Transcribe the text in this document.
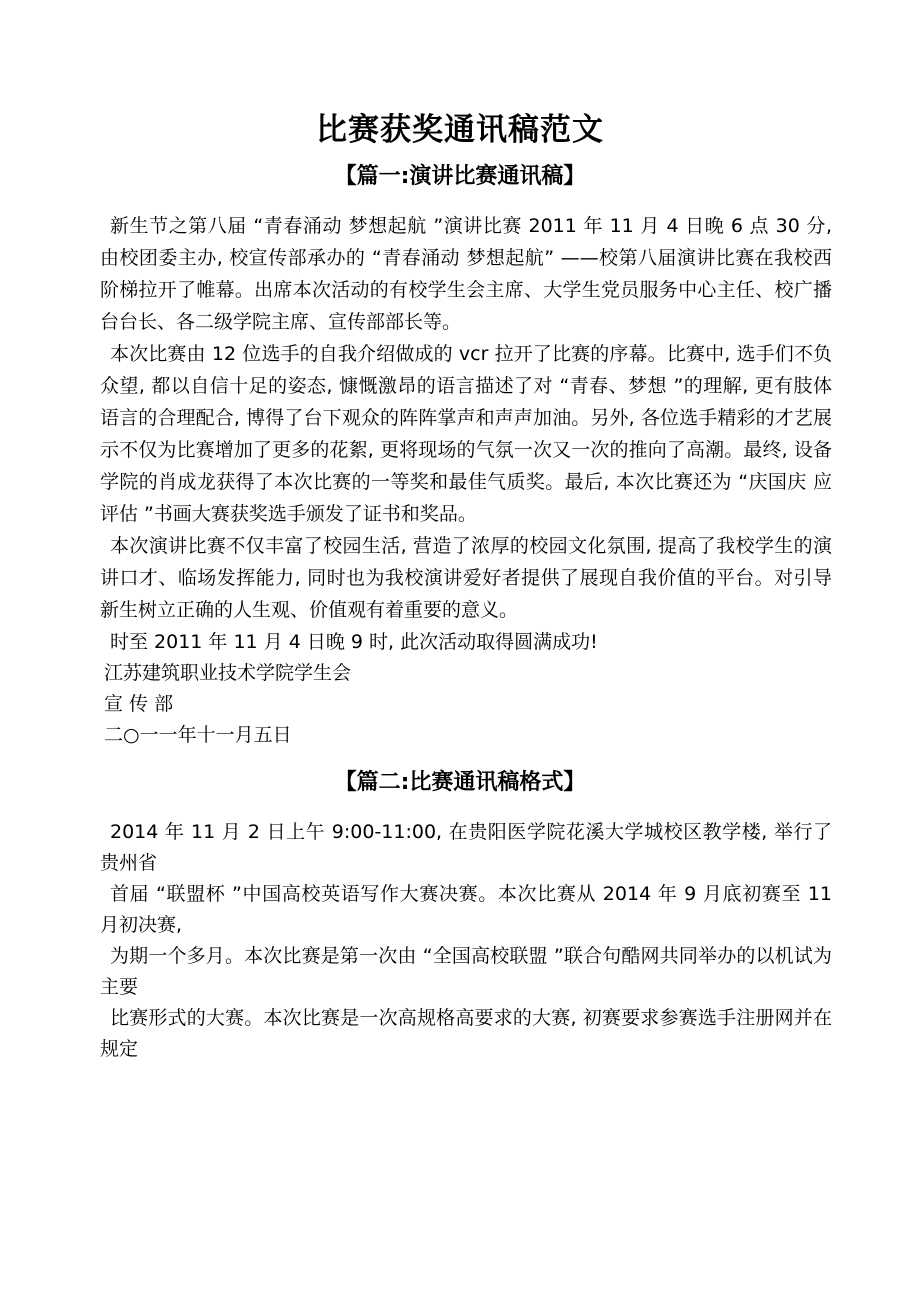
比赛获奖通讯稿范文
【篇一:演讲比赛通讯稿】

新生节之第八届 “青春涌动 梦想起航 ”演讲比赛 2011 年 11 月 4 日晚 6 点 30 分, 由校团委主办, 校宣传部承办的 “青春涌动 梦想起航” ——校第八届演讲比赛在我校西阶梯拉开了帷幕。出席本次活动的有校学生会主席、大学生党员服务中心主任、校广播台台长、各二级学院主席、宣传部部长等。

本次比赛由 12 位选手的自我介绍做成的 vcr 拉开了比赛的序幕。比赛中, 选手们不负众望, 都以自信十足的姿态, 慷慨激昂的语言描述了对 “青春、梦想 ”的理解, 更有肢体语言的合理配合, 博得了台下观众的阵阵掌声和声声加油。另外, 各位选手精彩的才艺展示不仅为比赛增加了更多的花絮, 更将现场的气氛一次又一次的推向了高潮。最终, 设备学院的肖成龙获得了本次比赛的一等奖和最佳气质奖。最后, 本次比赛还为 “庆国庆 应评估 ”书画大赛获奖选手颁发了证书和奖品。

本次演讲比赛不仅丰富了校园生活, 营造了浓厚的校园文化氛围, 提高了我校学生的演讲口才、临场发挥能力, 同时也为我校演讲爱好者提供了展现自我价值的平台。对引导新生树立正确的人生观、价值观有着重要的意义。

时至 2011 年 11 月 4 日晚 9 时, 此次活动取得圆满成功!

江苏建筑职业技术学院学生会

宣 传 部

二○一一年十一月五日

【篇二:比赛通讯稿格式】

2014 年 11 月 2 日上午 9:00-11:00, 在贵阳医学院花溪大学城校区教学楼, 举行了贵州省

首届 “联盟杯 ”中国高校英语写作大赛决赛。本次比赛从 2014 年 9 月底初赛至 11 月初决赛,

为期一个多月。本次比赛是第一次由 “全国高校联盟 ”联合句酷网共同举办的以机试为主要

比赛形式的大赛。本次比赛是一次高规格高要求的大赛, 初赛要求参赛选手注册网并在规定
